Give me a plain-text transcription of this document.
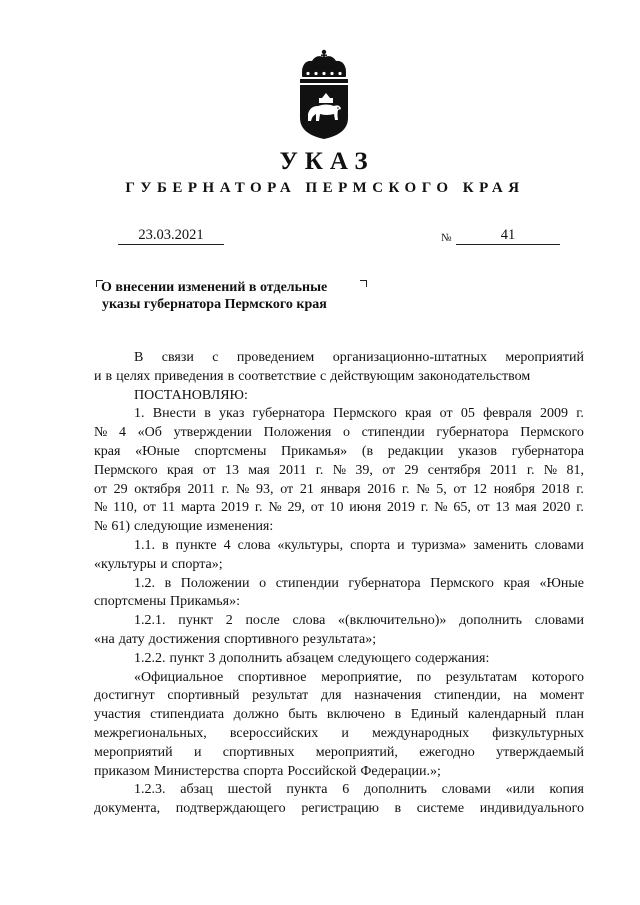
УКАЗ
ГУБЕРНАТОРА ПЕРМСКОГО КРАЯ
23.03.2021	№	41
О внесении изменений в отдельные
указы губернатора Пермского края
В связи с проведением организационно-штатных мероприятий
и в целях приведения в соответствие с действующим законодательством
ПОСТАНОВЛЯЮ:
1. Внести в указ губернатора Пермского края от 05 февраля 2009 г.
№ 4 «Об утверждении Положения о стипендии губернатора Пермского
края «Юные спортсмены Прикамья» (в редакции указов губернатора
Пермского края от 13 мая 2011 г. № 39, от 29 сентября 2011 г. № 81,
от 29 октября 2011 г. № 93, от 21 января 2016 г. № 5, от 12 ноября 2018 г.
№ 110, от 11 марта 2019 г. № 29, от 10 июня 2019 г. № 65, от 13 мая 2020 г.
№ 61) следующие изменения:
1.1. в пункте 4 слова «культуры, спорта и туризма» заменить словами
«культуры и спорта»;
1.2. в Положении о стипендии губернатора Пермского края «Юные
спортсмены Прикамья»:
1.2.1. пункт 2 после слова «(включительно)» дополнить словами
«на дату достижения спортивного результата»;
1.2.2. пункт 3 дополнить абзацем следующего содержания:
«Официальное спортивное мероприятие, по результатам которого
достигнут спортивный результат для назначения стипендии, на момент
участия стипендиата должно быть включено в Единый календарный план
межрегиональных, всероссийских и международных физкультурных
мероприятий и спортивных мероприятий, ежегодно утверждаемый
приказом Министерства спорта Российской Федерации.»;
1.2.3. абзац шестой пункта 6 дополнить словами «или копия
документа, подтверждающего регистрацию в системе индивидуального
